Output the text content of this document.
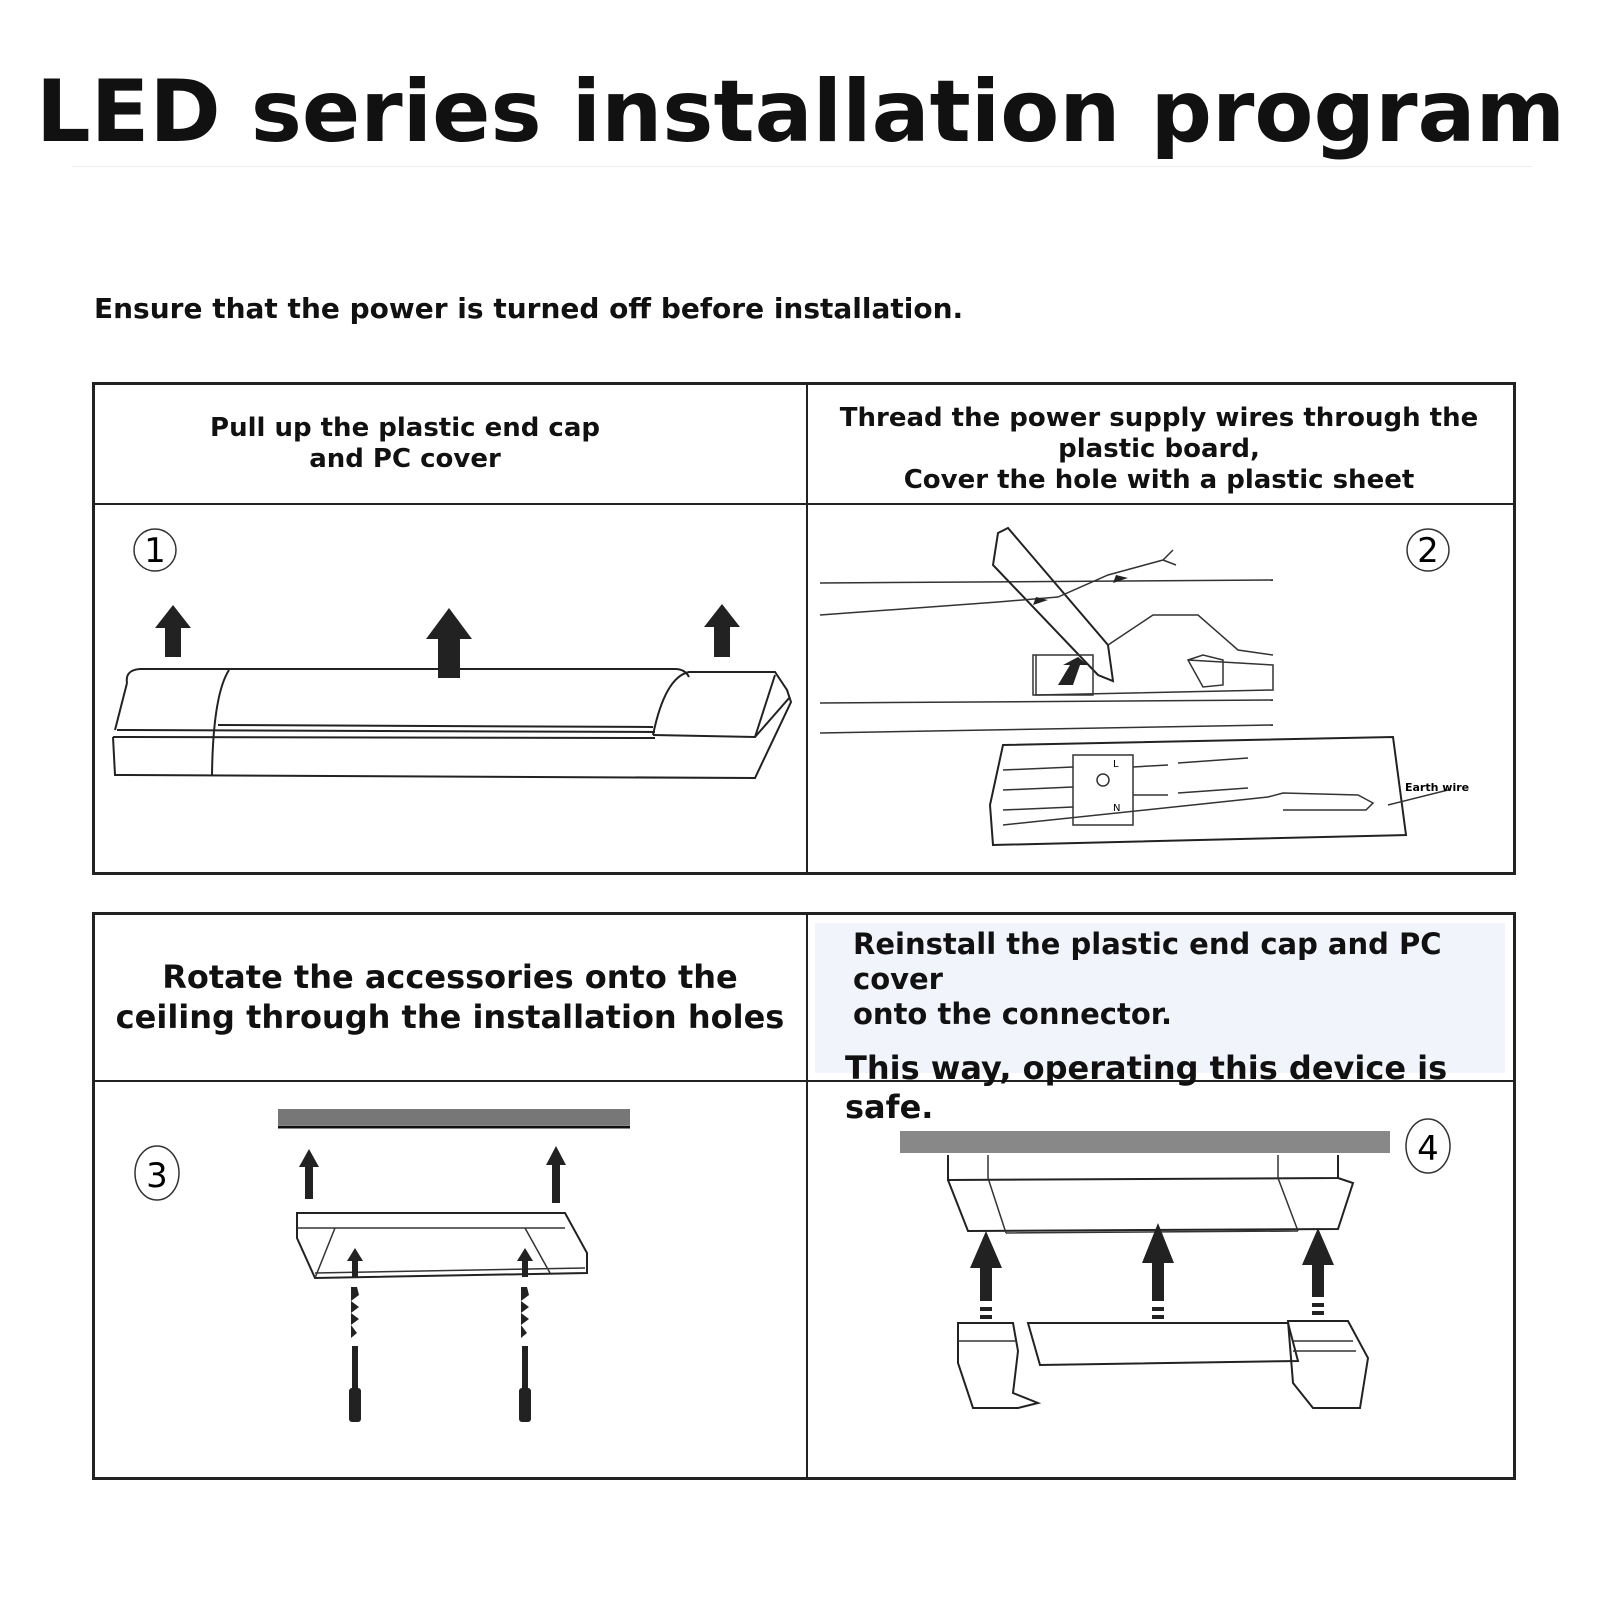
LED series installation program

Ensure that the power is turned off before installation.

Pull up the plastic end cap
and PC cover
Thread the power supply wires through the
plastic board,
Cover the hole with a plastic sheet
1	2
L
N
Earth wire
Rotate the accessories onto the
ceiling through the installation holes
Reinstall the plastic end cap and PC cover
onto the connector.
This way, operating this device is safe.
3
4
